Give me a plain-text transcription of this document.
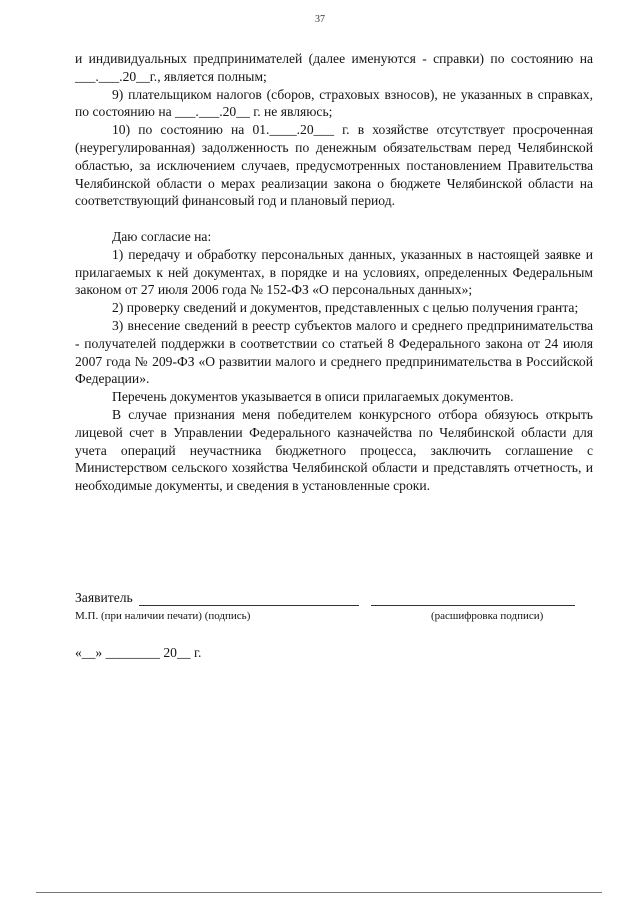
37

и индивидуальных предпринимателей (далее именуются - справки) по состоянию на ___.___.20__г., является полным;

9) плательщиком налогов (сборов, страховых взносов), не указанных в справках, по состоянию на ___.___.20__ г. не являюсь;

10) по состоянию на 01.____.20___ г. в хозяйстве отсутствует просроченная (неурегулированная) задолженность по денежным обязательствам перед Челябинской областью, за исключением случаев, предусмотренных постановлением Правительства Челябинской области о мерах реализации закона о бюджете Челябинской области на соответствующий финансовый год и плановый период.

Даю согласие на:

1) передачу и обработку персональных данных, указанных в настоящей заявке и прилагаемых к ней документах, в порядке и на условиях, определенных Федеральным законом от 27 июля 2006 года № 152-ФЗ «О персональных данных»;

2) проверку сведений и документов, представленных с целью получения гранта;

3) внесение сведений в реестр субъектов малого и среднего предпринимательства - получателей поддержки в соответствии со статьей 8 Федерального закона от 24 июля 2007 года № 209-ФЗ «О развитии малого и среднего предпринимательства в Российской Федерации».

Перечень документов указывается в описи прилагаемых документов.

В случае признания меня победителем конкурсного отбора обязуюсь открыть лицевой счет в Управлении Федерального казначейства по Челябинской области для учета операций неучастника бюджетного процесса, заключить соглашение с Министерством сельского хозяйства Челябинской области и представлять отчетность, и необходимые документы, и сведения в установленные сроки.

Заявитель
М.П. (при наличии печати) (подпись)	(расшифровка подписи)
«__» ________ 20__ г.
